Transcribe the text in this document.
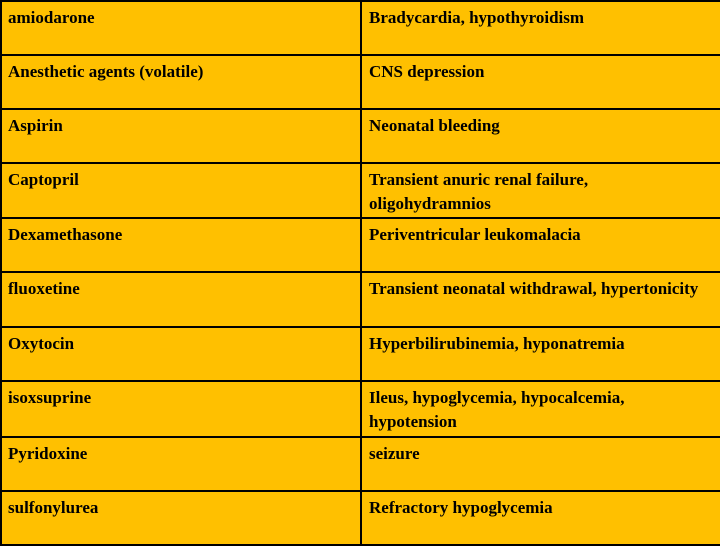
amiodarone	Bradycardia, hypothyroidism
Anesthetic agents (volatile)	CNS depression
Aspirin	Neonatal bleeding
Captopril	Transient anuric renal failure, oligohydramnios
Dexamethasone	Periventricular leukomalacia
fluoxetine	Transient neonatal withdrawal, hypertonicity
Oxytocin	Hyperbilirubinemia, hyponatremia
isoxsuprine	Ileus, hypoglycemia, hypocalcemia, hypotension
Pyridoxine	seizure
sulfonylurea	Refractory hypoglycemia
